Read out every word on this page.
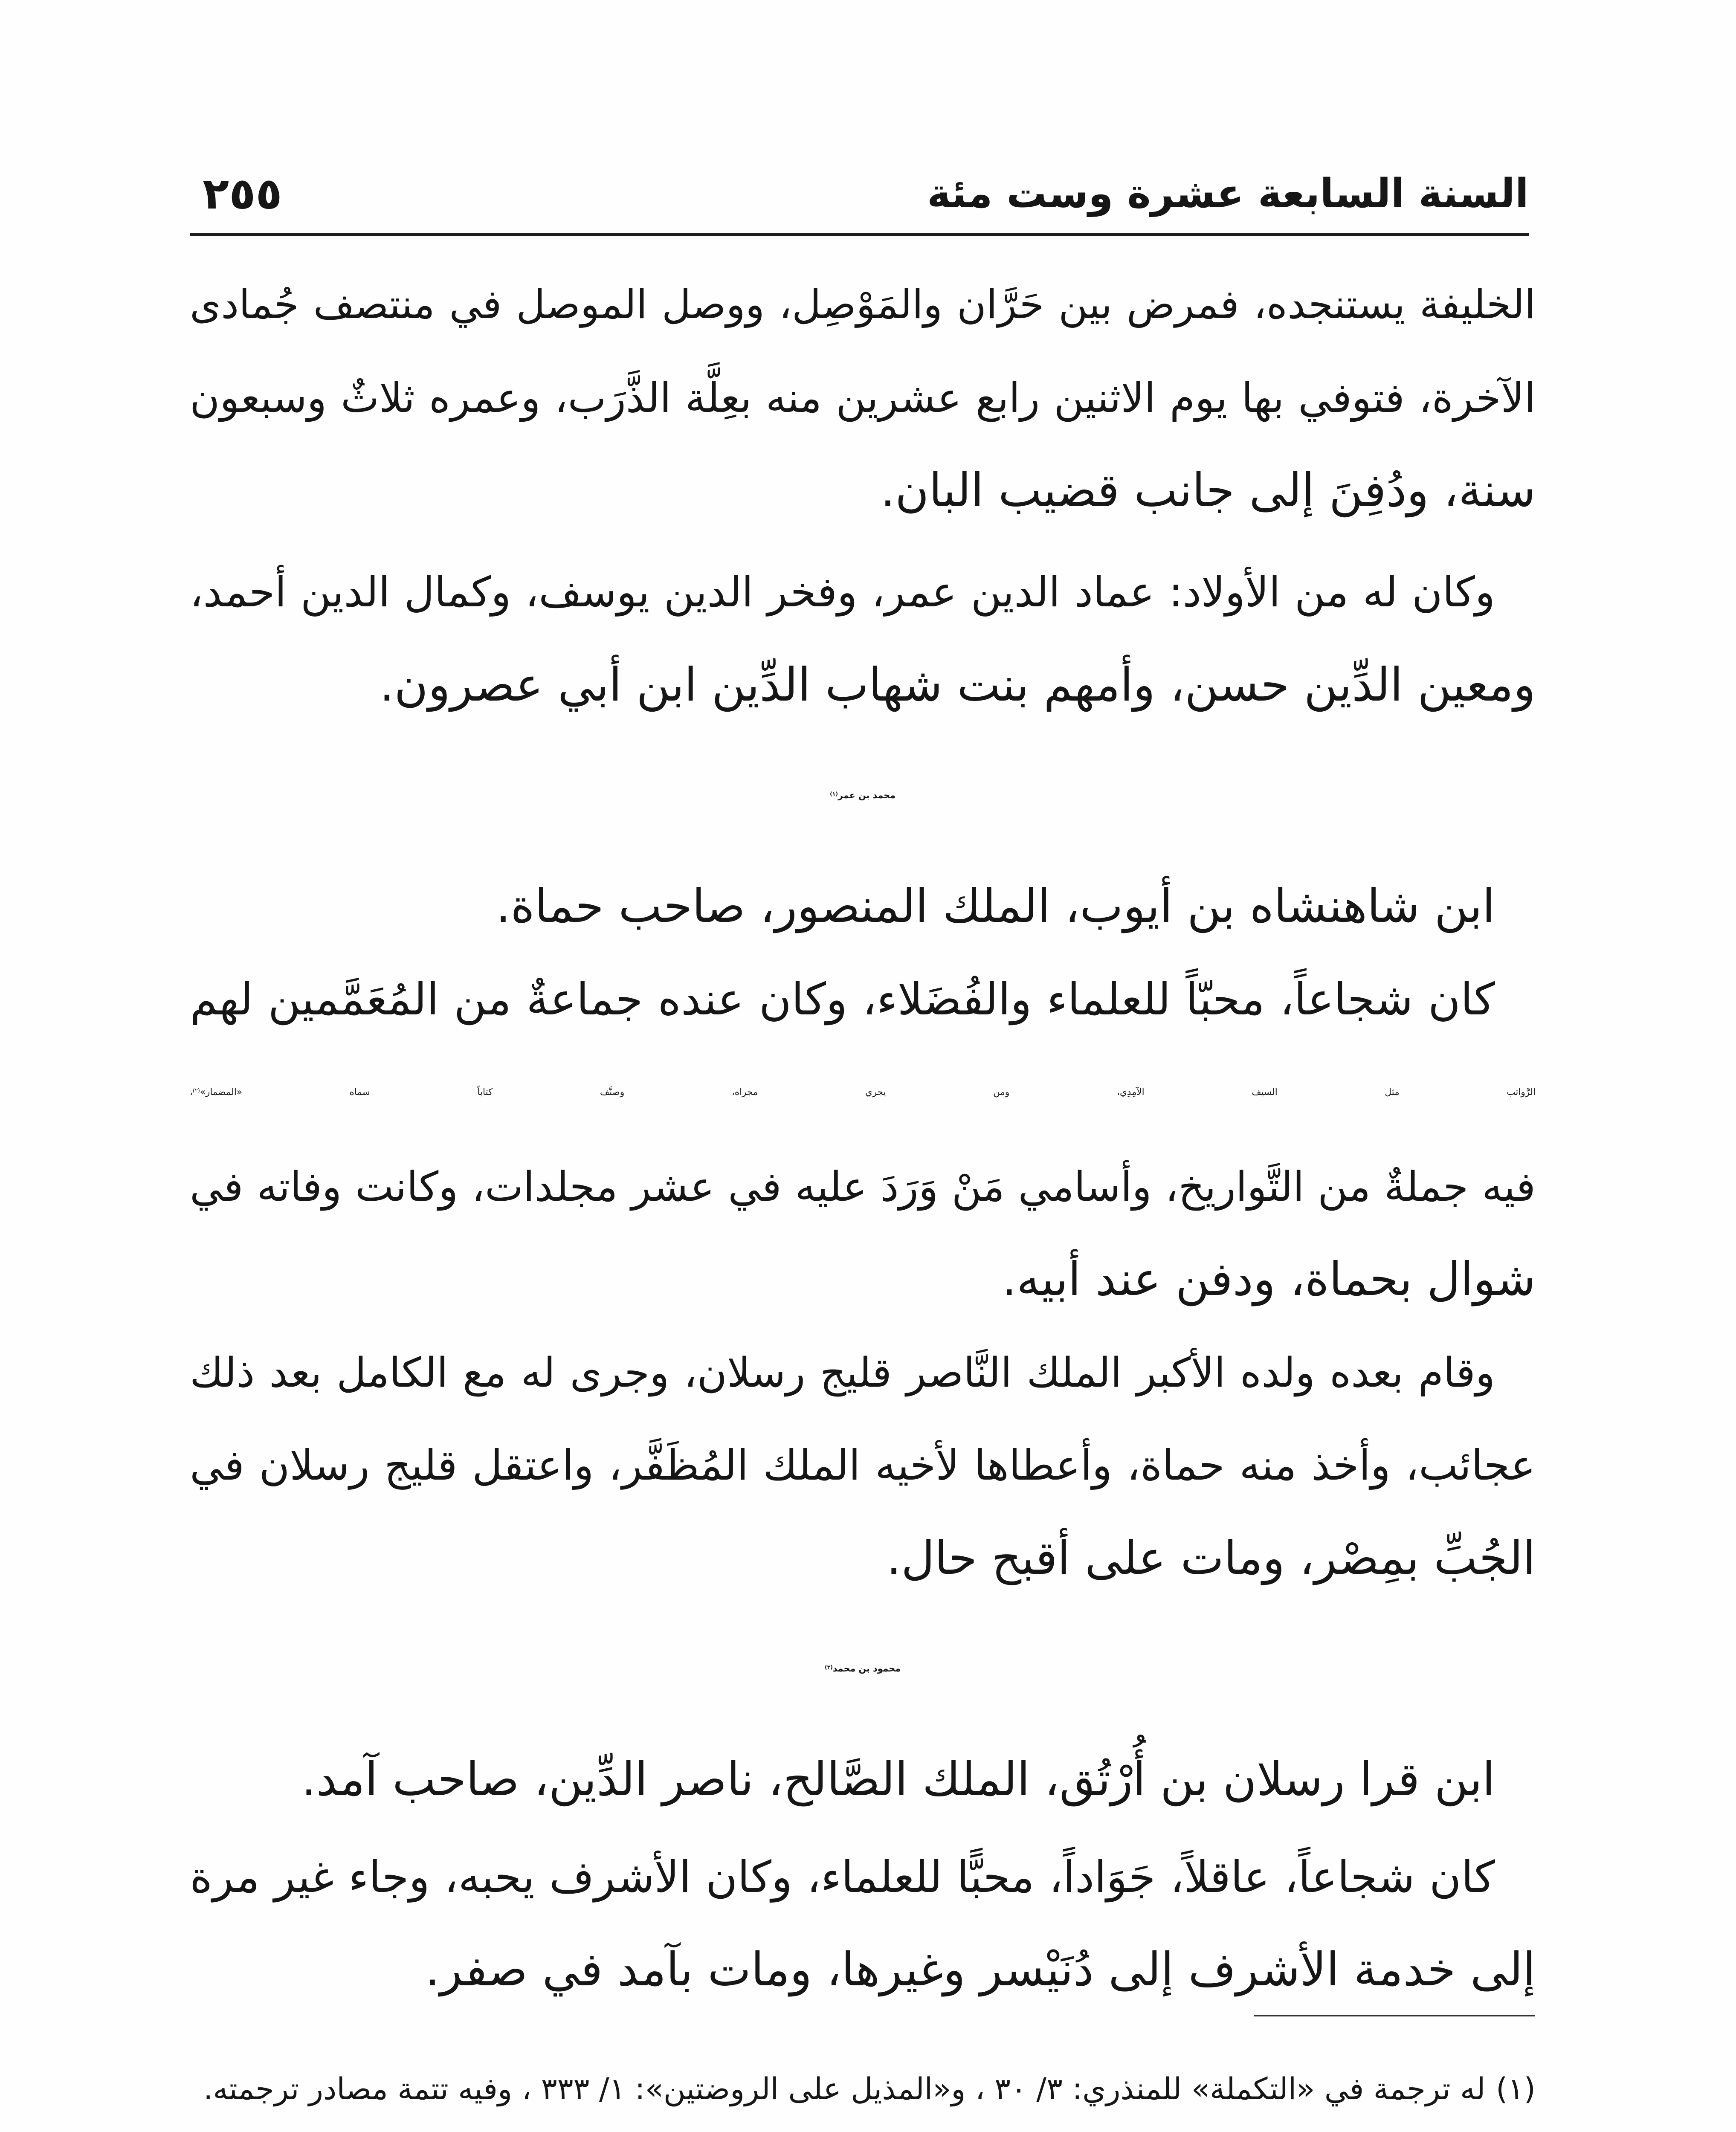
السنة السابعة عشرة وست مئة
٢٥٥
الخليفة يستنجده، فمرض بين حَرَّان والمَوْصِل، ووصل الموصل في منتصف جُمادى
الآخرة، فتوفي بها يوم الاثنين رابع عشرين منه بعِلَّة الذَّرَب، وعمره ثلاثٌ وسبعون
سنة، ودُفِنَ إلى جانب قضيب البان.
وكان له من الأولاد: عماد الدين عمر، وفخر الدين يوسف، وكمال الدين أحمد،
ومعين الدِّين حسن، وأمهم بنت شهاب الدِّين ابن أبي عصرون.
محمد بن عمر$^{(١)}$
ابن شاهنشاه بن أيوب، الملك المنصور، صاحب حماة.
كان شجاعاً، محبّاً للعلماء والفُضَلاء، وكان عنده جماعةٌ من المُعَمَّمين لهم
الرَّواتب مثل السيف الآمِدِي، ومن يجري مجراه، وصنَّف كتاباً سماه «المضمار»$^{(٢)}$،
فيه جملةٌ من التَّواريخ، وأسامي مَنْ وَرَدَ عليه في عشر مجلدات، وكانت وفاته في
شوال بحماة، ودفن عند أبيه.
وقام بعده ولده الأكبر الملك النَّاصر قليج رسلان، وجرى له مع الكامل بعد ذلك
عجائب، وأخذ منه حماة، وأعطاها لأخيه الملك المُظَفَّر، واعتقل قليج رسلان في
الجُبِّ بمِصْر، ومات على أقبح حال.
محمود بن محمد$^{(٣)}$
ابن قرا رسلان بن أُرْتُق، الملك الصَّالح، ناصر الدِّين، صاحب آمد.
كان شجاعاً، عاقلاً، جَوَاداً، محبًّا للعلماء، وكان الأشرف يحبه، وجاء غير مرة
إلى خدمة الأشرف إلى دُنَيْسر وغيرها، ومات بآمد في صفر.
(١)له ترجمة في «التكملة» للمنذري: ٣/ ٣٠ ، و«المذيل على الروضتين»: ١/ ٣٣٣ ، وفيه تتمة مصادر ترجمته.
